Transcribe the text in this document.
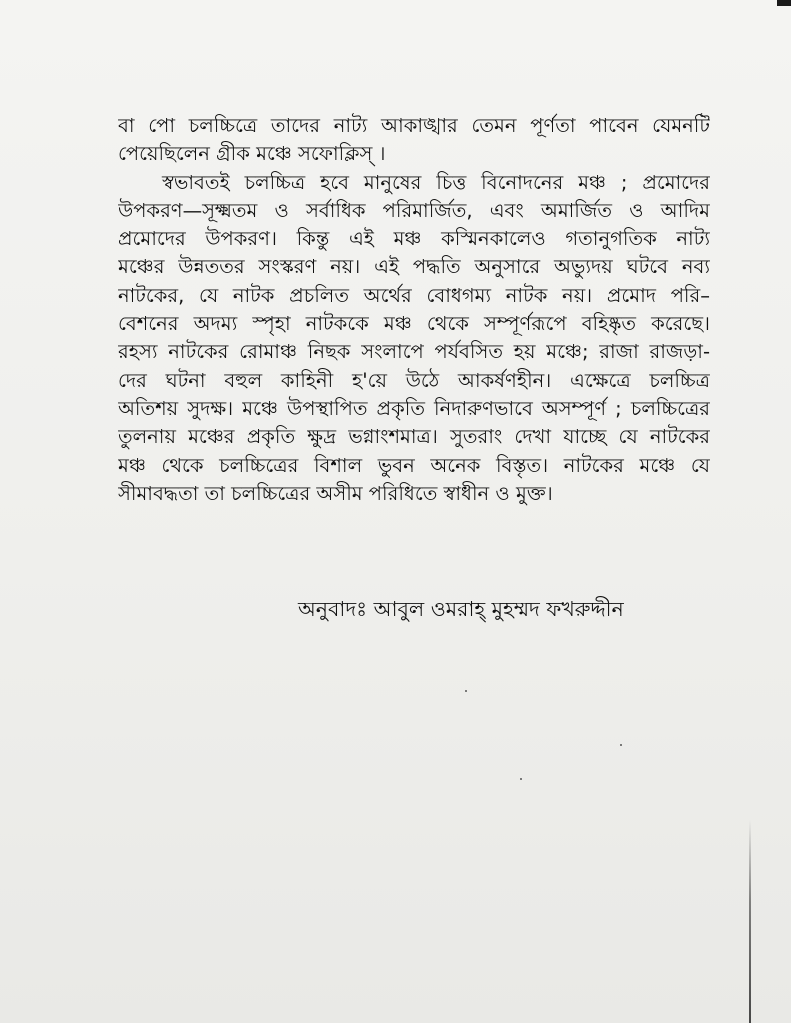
বা পো চলচ্চিত্রে তাদের নাট্য আকাঙ্খার তেমন পূর্ণতা পাবেন যেমনটি
পেয়েছিলেন গ্রীক মঞ্চে সফোক্লিস্ ।
স্বভাবতই চলচ্চিত্র হবে মানুষের চিত্ত বিনোদনের মঞ্চ ; প্রমোদের
উপকরণ—সূক্ষ্মতম ও সর্বাধিক পরিমার্জিত, এবং অমার্জিত ও আদিম
প্রমোদের উপকরণ। কিন্তু এই মঞ্চ কস্মিনকালেও গতানুগতিক নাট্য
মঞ্চের উন্নততর সংস্করণ নয়। এই পদ্ধতি অনুসারে অভ্যুদয় ঘটবে নব্য
নাটকের, যে নাটক প্রচলিত অর্থের বোধগম্য নাটক নয়। প্রমোদ পরি–
বেশনের অদম্য স্পৃহা নাটককে মঞ্চ থেকে সম্পূর্ণরূপে বহিষ্কৃত করেছে।
রহস্য নাটকের রোমাঞ্চ নিছক সংলাপে পর্যবসিত হয় মঞ্চে; রাজা রাজড়া-
দের ঘটনা বহুল কাহিনী হ'য়ে উঠে আকর্ষণহীন। এক্ষেত্রে চলচ্চিত্র
অতিশয় সুদক্ষ। মঞ্চে উপস্থাপিত প্রকৃতি নিদারুণভাবে অসম্পূর্ণ ; চলচ্চিত্রের
তুলনায় মঞ্চের প্রকৃতি ক্ষুদ্র ভগ্নাংশমাত্র। সুতরাং দেখা যাচ্ছে যে নাটকের
মঞ্চ থেকে চলচ্চিত্রের বিশাল ভুবন অনেক বিস্তৃত। নাটকের মঞ্চে যে
সীমাবদ্ধতা তা চলচ্চিত্রের অসীম পরিধিতে স্বাধীন ও মুক্ত।
অনুবাদঃ আবুল ওমরাহ্‌ মুহম্মদ ফখরুদ্দীন
